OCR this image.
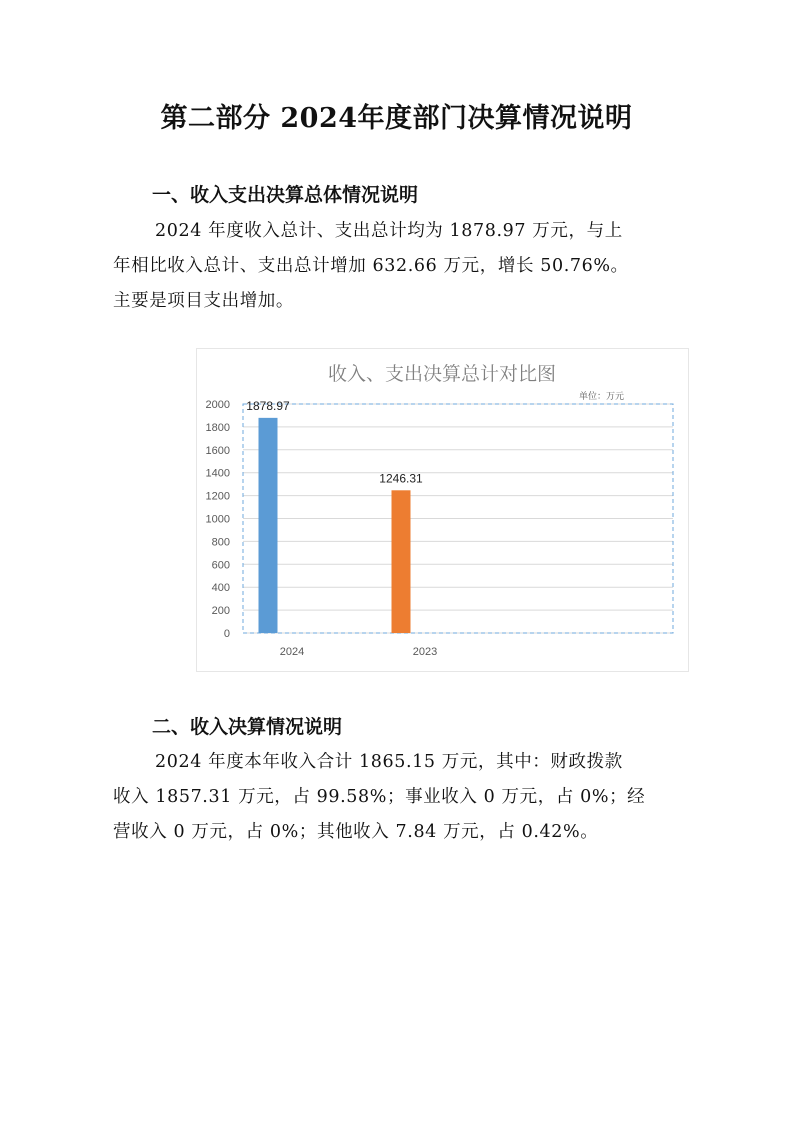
第二部分 2024年度部门决算情况说明
一、收入支出决算总体情况说明
2024 年度收入总计、支出总计均为 1878.97 万元，与上
年相比收入总计、支出总计增加 632.66 万元，增长 50.76%。
主要是项目支出增加。
收入、支出决算总计对比图
单位：万元
0
200
400
600
800
1000
1200
1400
1600
1800
2000 1878.97
1246.31
2024	2023
二、收入决算情况说明
2024 年度本年收入合计 1865.15 万元，其中：财政拨款
收入 1857.31 万元，占 99.58%；事业收入 0 万元，占 0%；经
营收入 0 万元，占 0%；其他收入 7.84 万元，占 0.42%。
